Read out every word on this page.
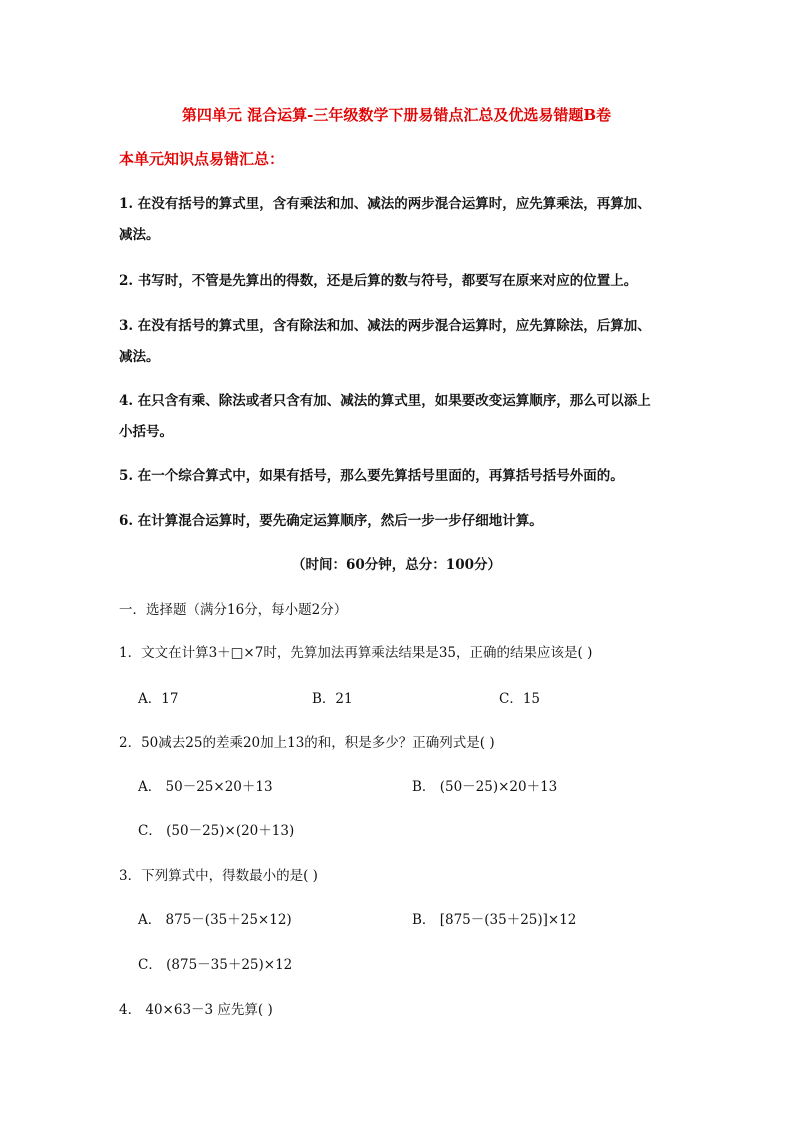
第四单元 混合运算-三年级数学下册易错点汇总及优选易错题B卷
本单元知识点易错汇总：
1. 在没有括号的算式里，含有乘法和加、减法的两步混合运算时，应先算乘法，再算加、
减法。
2. 书写时，不管是先算出的得数，还是后算的数与符号，都要写在原来对应的位置上。
3. 在没有括号的算式里，含有除法和加、减法的两步混合运算时，应先算除法，后算加、
减法。
4. 在只含有乘、除法或者只含有加、减法的算式里，如果要改变运算顺序，那么可以添上
小括号。
5. 在一个综合算式中，如果有括号，那么要先算括号里面的，再算括号括号外面的。
6. 在计算混合运算时，要先确定运算顺序，然后一步一步仔细地计算。
（时间：60分钟，总分：100分）
一．选择题（满分16分，每小题2分）
1．文文在计算3＋□×7时，先算加法再算乘法结果是35，正确的结果应该是( )
A．17	B．21	C．15
2．50减去25的差乘20加上13的和，积是多少？正确列式是( )
A． 50－25×20＋13	B． (50－25)×20＋13
C． (50－25)×(20＋13)
3．下列算式中，得数最小的是( )
A． 875－(35＋25×12)	B． [875－(35＋25)]×12
C． (875－35＋25)×12
4． 40×63－3 应先算( )
